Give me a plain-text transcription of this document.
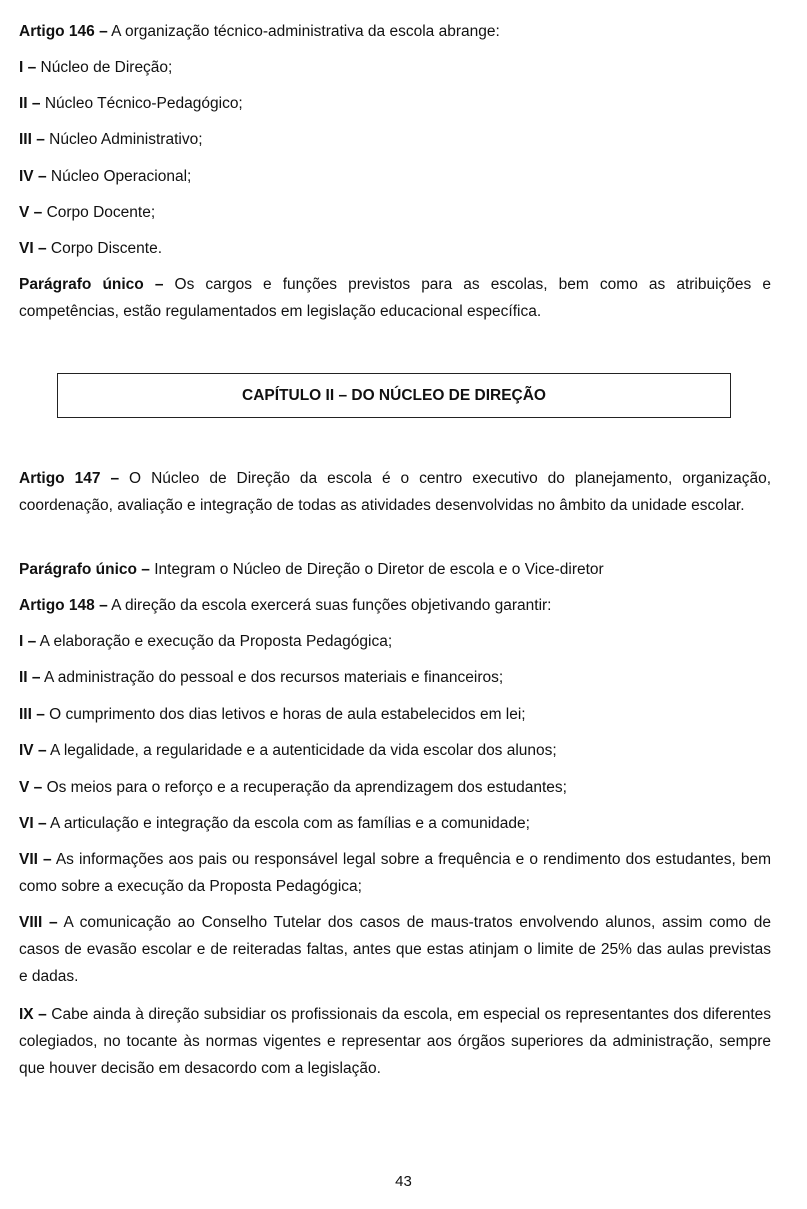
Artigo 146 – A organização técnico-administrativa da escola abrange:
I – Núcleo de Direção;
II – Núcleo Técnico-Pedagógico;
III – Núcleo Administrativo;
IV – Núcleo Operacional;
V – Corpo Docente;
VI – Corpo Discente.
Parágrafo único – Os cargos e funções previstos para as escolas, bem como as atribuições e competências, estão regulamentados em legislação educacional específica.
CAPÍTULO II – DO NÚCLEO DE DIREÇÃO
Artigo 147 – O Núcleo de Direção da escola é o centro executivo do planejamento, organização, coordenação, avaliação e integração de todas as atividades desenvolvidas no âmbito da unidade escolar.
Parágrafo único – Integram o Núcleo de Direção o Diretor de escola e o Vice-diretor
Artigo 148 – A direção da escola exercerá suas funções objetivando garantir:
I – A elaboração e execução da Proposta Pedagógica;
II – A administração do pessoal e dos recursos materiais e financeiros;
III – O cumprimento dos dias letivos e horas de aula estabelecidos em lei;
IV – A legalidade, a regularidade e a autenticidade da vida escolar dos alunos;
V – Os meios para o reforço e a recuperação da aprendizagem dos estudantes;
VI – A articulação e integração da escola com as famílias e a comunidade;
VII – As informações aos pais ou responsável legal sobre a frequência e o rendimento dos estudantes, bem como sobre a execução da Proposta Pedagógica;
VIII – A comunicação ao Conselho Tutelar dos casos de maus-tratos envolvendo alunos, assim como de casos de evasão escolar e de reiteradas faltas, antes que estas atinjam o limite de 25% das aulas previstas e dadas.
IX – Cabe ainda à direção subsidiar os profissionais da escola, em especial os representantes dos diferentes colegiados, no tocante às normas vigentes e representar aos órgãos superiores da administração, sempre que houver decisão em desacordo com a legislação.
43
